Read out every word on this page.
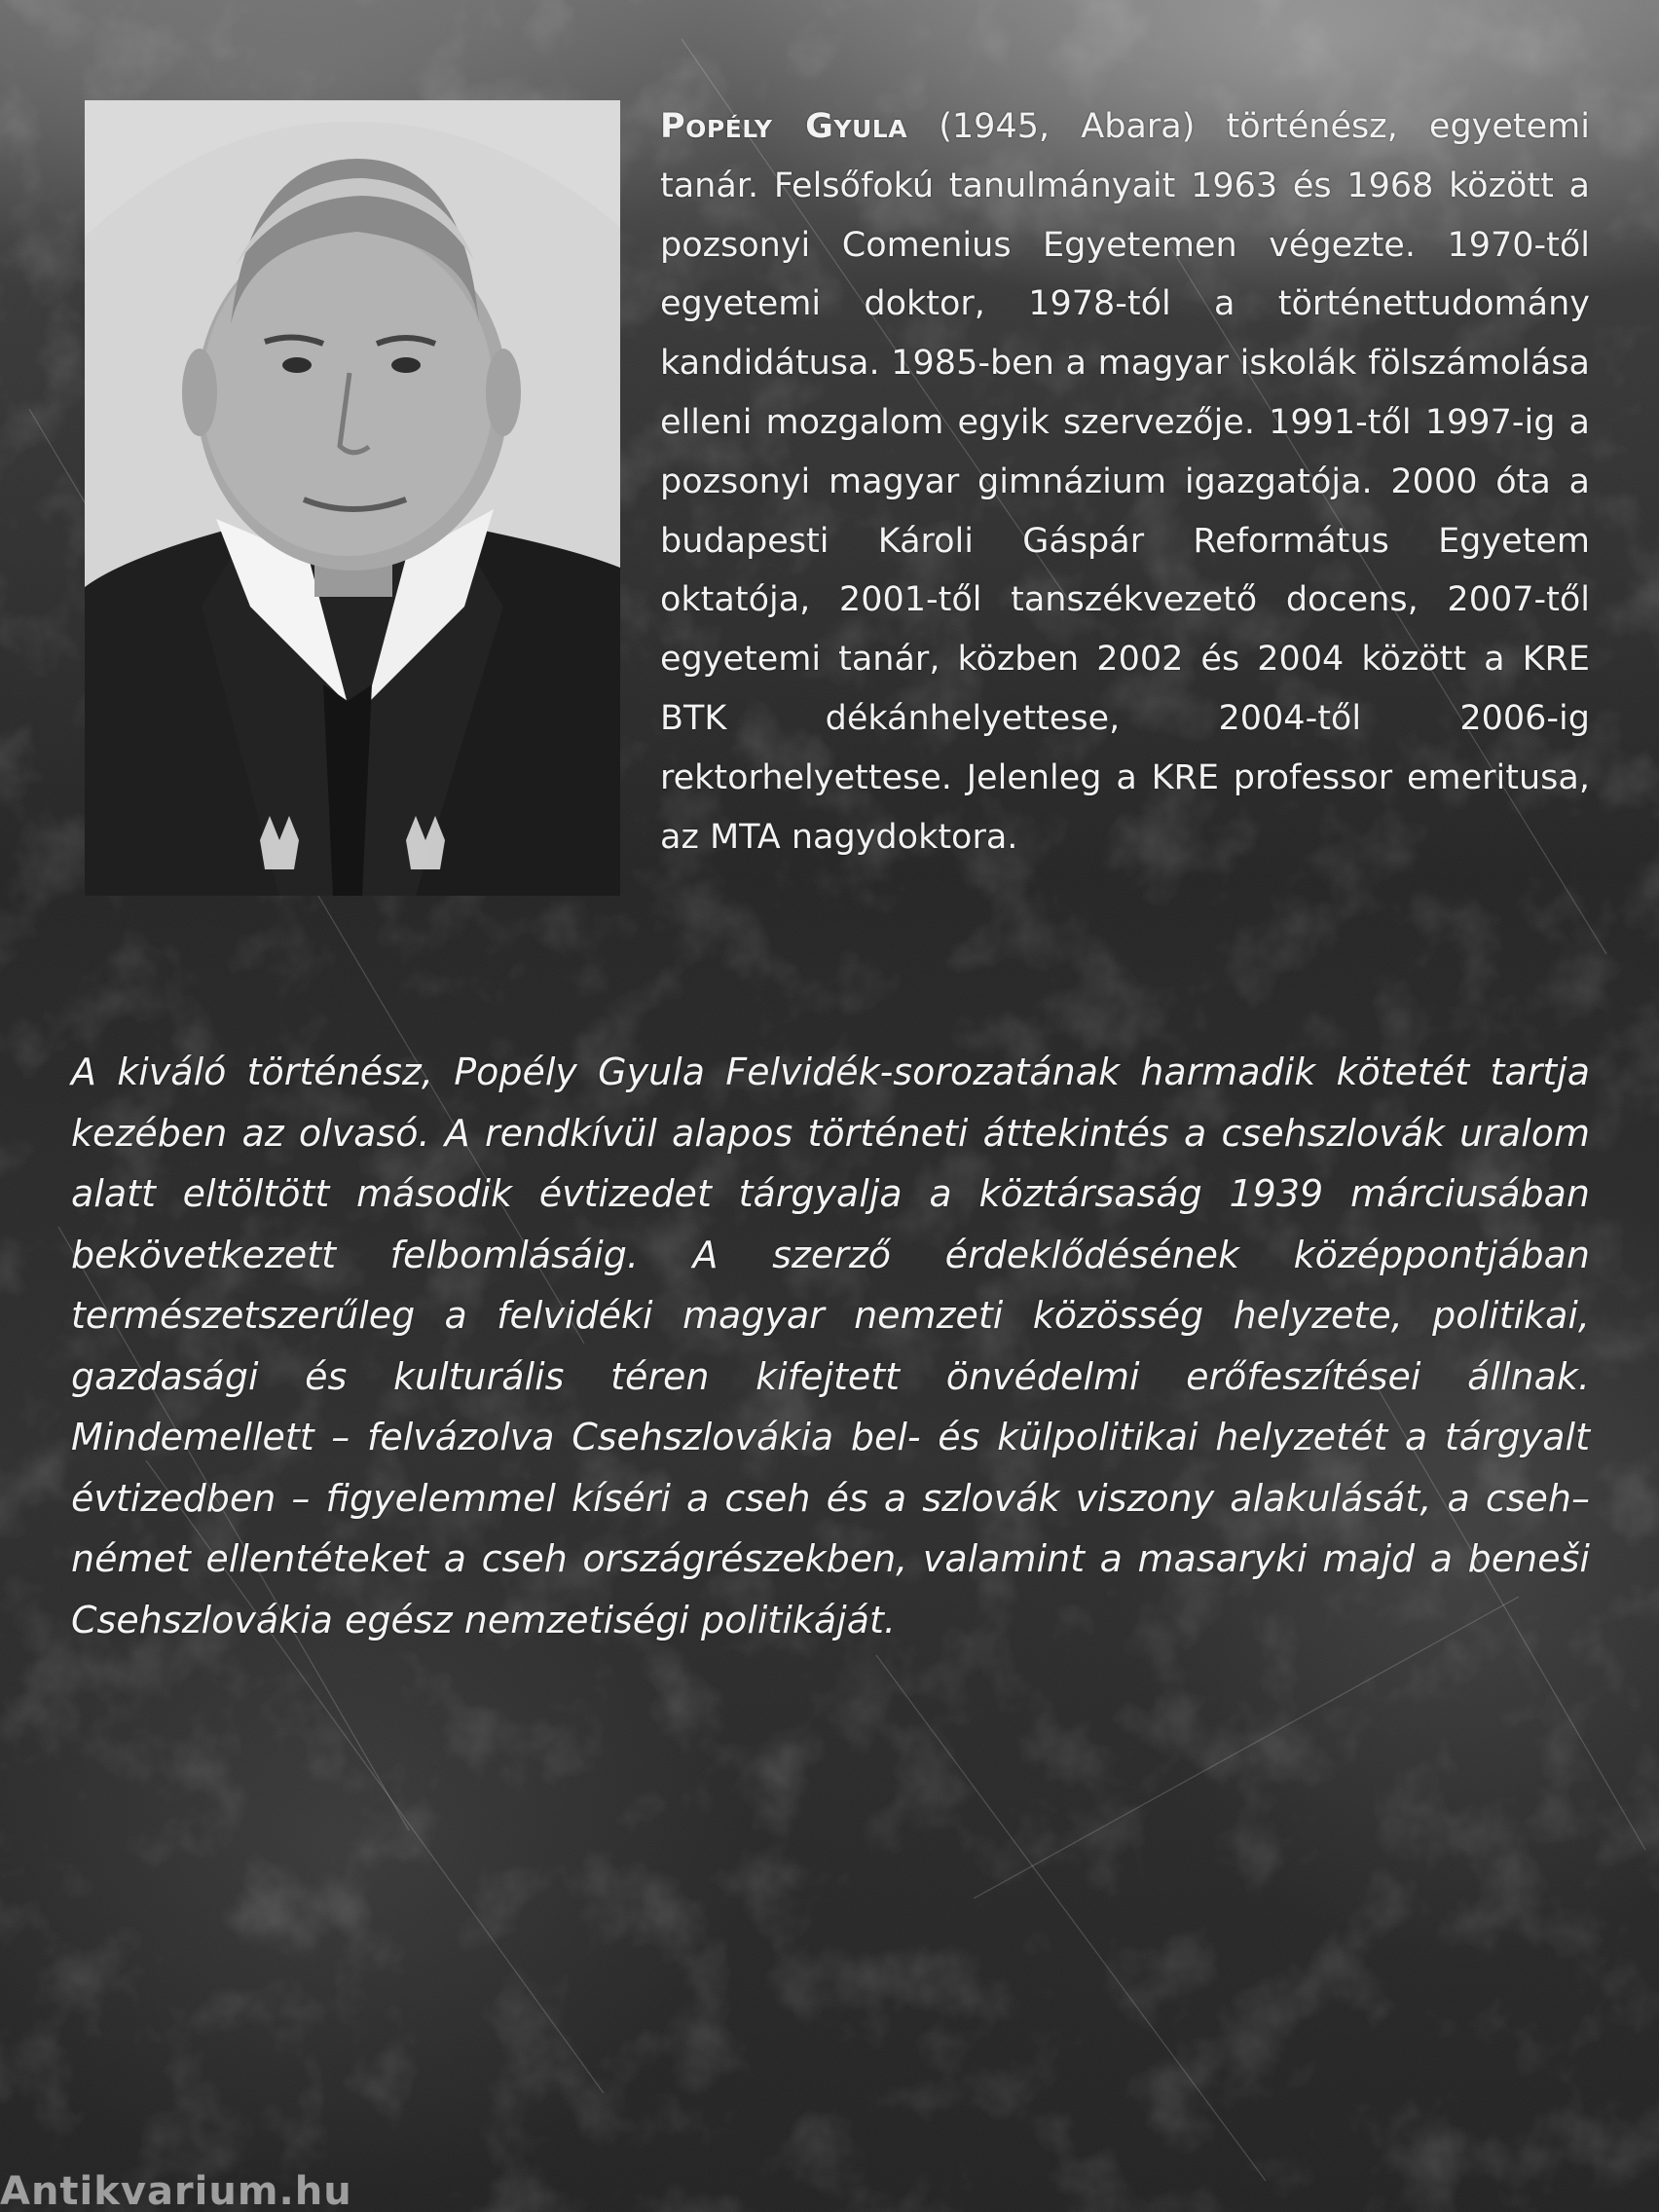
Popély Gyula (1945, Abara) történész, egyetemi tanár. Felsőfokú tanulmányait 1963 és 1968 között a pozsonyi Comenius Egyetemen végezte. 1970-től egyetemi doktor, 1978-tól a történettudomány kandidátusa. 1985-ben a magyar iskolák fölszámolása elleni mozgalom egyik szervezője. 1991-től 1997-ig a pozsonyi magyar gimnázium igazgatója. 2000 óta a budapesti Károli Gáspár Református Egyetem oktatója, 2001-től tanszékvezető docens, 2007-től egyetemi tanár, közben 2002 és 2004 között a KRE BTK dékánhelyettese, 2004-től 2006-ig rektorhelyettese. Jelenleg a KRE professor emeritusa, az MTA nagydoktora.
A kiváló történész, Popély Gyula Felvidék-sorozatának harmadik kötetét tartja kezében az olvasó. A rendkívül alapos történeti áttekintés a csehszlovák uralom alatt eltöltött második évtizedet tárgyalja a köztársaság 1939 márciusában bekövetkezett felbomlásáig. A szerző érdeklődésének középpontjában természetszerűleg a felvidéki magyar nemzeti közösség helyzete, politikai, gazdasági és kulturális téren kifejtett önvédelmi erőfeszítései állnak. Mindemellett – felvázolva Csehszlovákia bel- és külpolitikai helyzetét a tárgyalt évtizedben – figyelemmel kíséri a cseh és a szlovák viszony alakulását, a cseh–német ellentéteket a cseh országrészekben, valamint a masaryki majd a beneši Csehszlovákia egész nemzetiségi politikáját.
Antikvarium.hu
